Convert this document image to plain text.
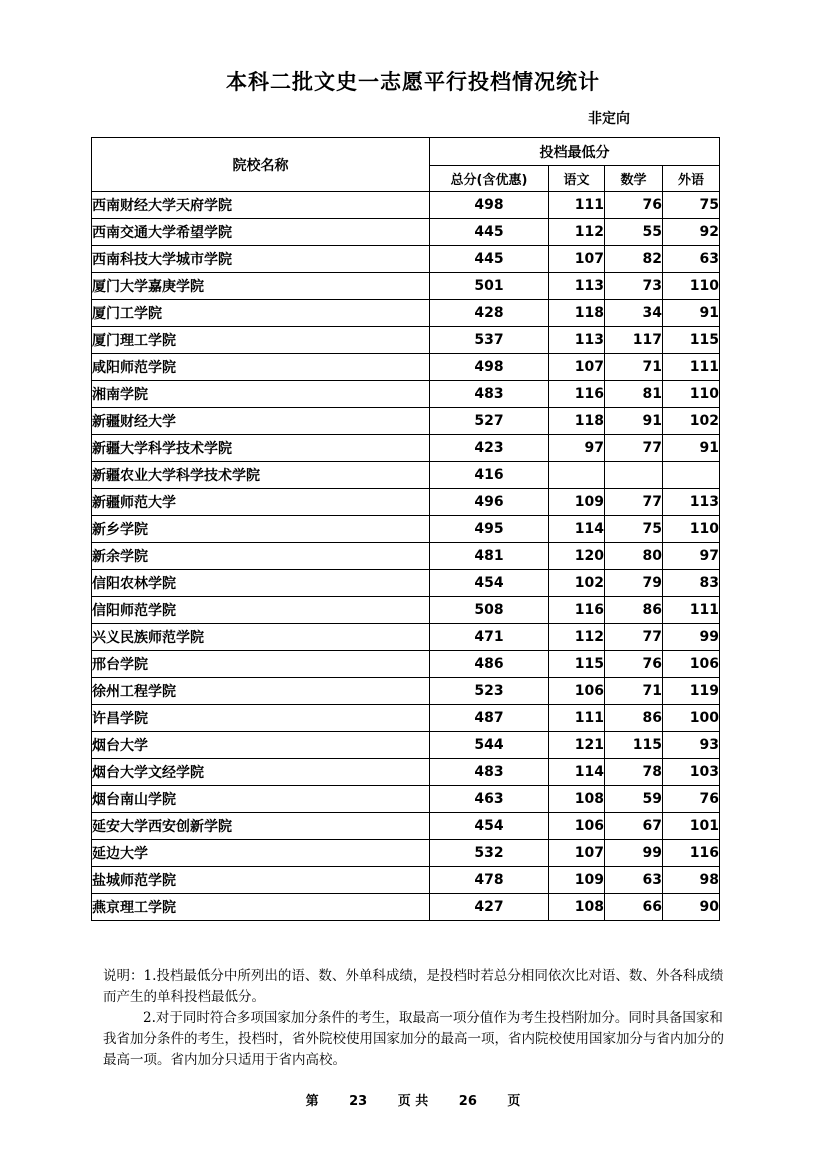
本科二批文史一志愿平行投档情况统计
非定向
院校名称	投档最低分			
	总分(含优惠)	语文	数学	外语
西南财经大学天府学院	498	111	76	75
西南交通大学希望学院	445	112	55	92
西南科技大学城市学院	445	107	82	63
厦门大学嘉庚学院	501	113	73	110
厦门工学院	428	118	34	91
厦门理工学院	537	113	117	115
咸阳师范学院	498	107	71	111
湘南学院	483	116	81	110
新疆财经大学	527	118	91	102
新疆大学科学技术学院	423	97	77	91
新疆农业大学科学技术学院	416			
新疆师范大学	496	109	77	113
新乡学院	495	114	75	110
新余学院	481	120	80	97
信阳农林学院	454	102	79	83
信阳师范学院	508	116	86	111
兴义民族师范学院	471	112	77	99
邢台学院	486	115	76	106
徐州工程学院	523	106	71	119
许昌学院	487	111	86	100
烟台大学	544	121	115	93
烟台大学文经学院	483	114	78	103
烟台南山学院	463	108	59	76
延安大学西安创新学院	454	106	67	101
延边大学	532	107	99	116
盐城师范学院	478	109	63	98
燕京理工学院	427	108	66	90

说明：1.投档最低分中所列出的语、数、外单科成绩，是投档时若总分相同依次比对语、数、外各科成绩而产生的单科投档最低分。

2.对于同时符合多项国家加分条件的考生，取最高一项分值作为考生投档附加分。同时具备国家和我省加分条件的考生，投档时，省外院校使用国家加分的最高一项，省内院校使用国家加分与省内加分的最高一项。省内加分只适用于省内高校。

第 23 页 共 26 页
